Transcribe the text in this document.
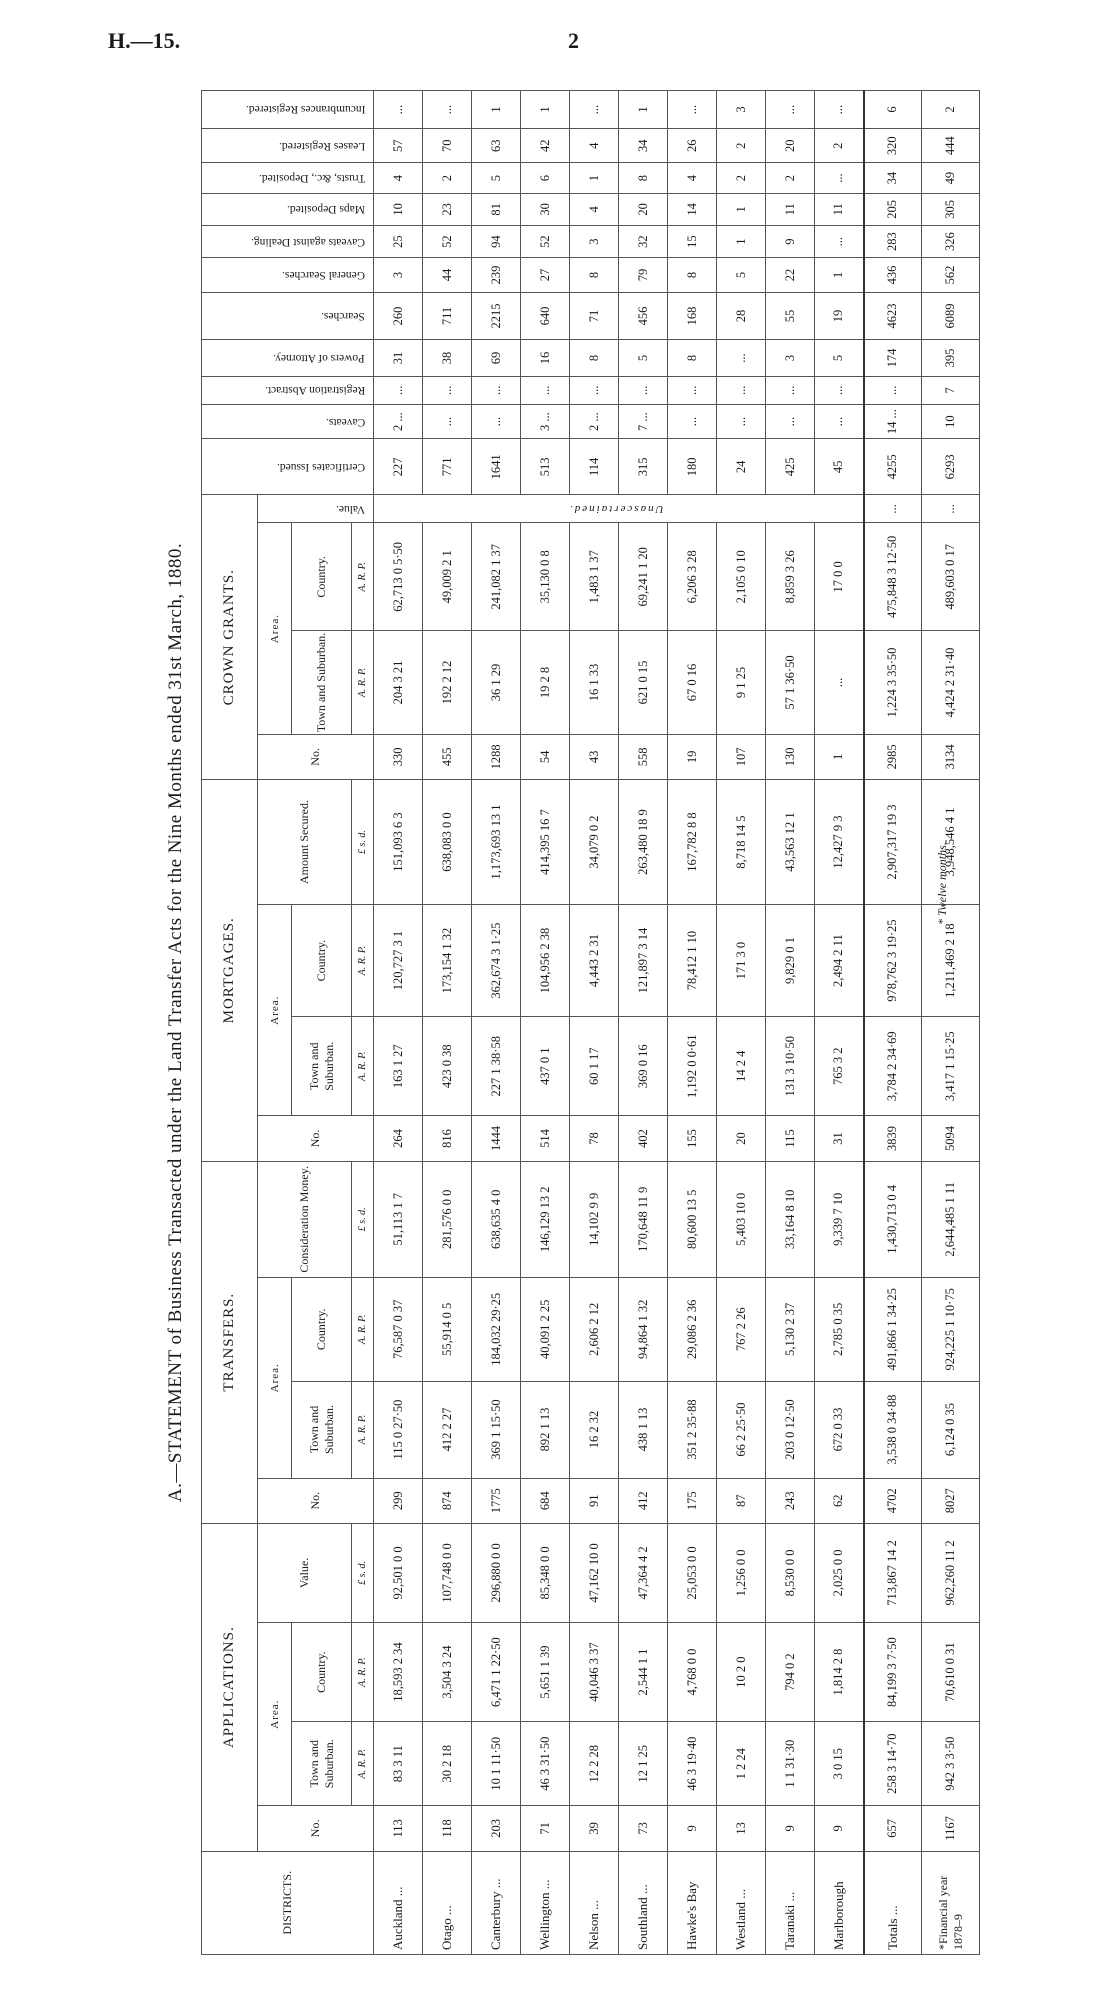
H.—15.	2
A.—STATEMENT of Business Transacted under the Land Transfer Acts for the Nine Months ended 31st March, 1880.
DISTRICTS.	APPLICATIONS.				TRANSFERS.				MORTGAGES.				CROWN GRANTS.				Certificates Issued.	Caveats.	Registration Abstract.	Powers of Attorney.	Searches.	General Searches.	Caveats against Dealing.	Maps Deposited.	Trusts, &c., Deposited.	Leases Registered.	Incumbrances Registered.
	No.	Area.		Value.	No.	Area.		Consideration Money.	No.	Area.		Amount Secured.	No.	Area.		Value.											
		Town and Suburban.	Country.			Town and Suburban.	Country.			Town and Suburban.	Country.			Town and Suburban.	Country.												
		A. R. P.	A. R. P.	£ s. d.		A. R. P.	A. R. P.	£ s. d.		A. R. P.	A. R. P.	£ s. d.		A. R. P.	A. R. P.												
Auckland ...	113	83 3 11	18,593 2 34	92,501 0 0	299	115 0 27·50	76,587 0 37	51,113 1 7	264	163 1 27	120,727 3 1	151,093 6 3	330	204 3 21	62,713 0 5·50	Unascertained.	227	2 ...	...	31	260	3	25	10	4	57	...
Otago ...	118	30 2 18	3,504 3 24	107,748 0 0	874	412 2 27	55,914 0 5	281,576 0 0	816	423 0 38	173,154 1 32	638,083 0 0	455	192 2 12	49,009 2 1		771	...	...	38	711	44	52	23	2	70	...
Canterbury ...	203	10 1 11·50	6,471 1 22·50	296,880 0 0	1775	369 1 15·50	184,032 29·25	638,635 4 0	1444	227 1 38·58	362,674 3 1·25	1,173,693 13 1	1288	36 1 29	241,082 1 37		1641	...	...	69	2215	239	94	81	5	63	1
Wellington ...	71	46 3 31·50	5,651 1 39	85,348 0 0	684	892 1 13	40,091 2 25	146,129 13 2	514	437 0 1	104,956 2 38	414,395 16 7	54	19 2 8	35,130 0 8		513	3 ...	...	16	640	27	52	30	6	42	1
Nelson ...	39	12 2 28	40,046 3 37	47,162 10 0	91	16 2 32	2,606 2 12	14,102 9 9	78	60 1 17	4,443 2 31	34,079 0 2	43	16 1 33	1,483 1 37		114	2 ...	...	8	71	8	3	4	1	4	...
Southland ...	73	12 1 25	2,544 1 1	47,364 4 2	412	438 1 13	94,864 1 32	170,648 11 9	402	369 0 16	121,897 3 14	263,480 18 9	558	621 0 15	69,241 1 20		315	7 ...	...	5	456	79	32	20	8	34	1
Hawke's Bay	9	46 3 19·40	4,768 0 0	25,053 0 0	175	351 2 35·88	29,086 2 36	80,600 13 5	155	1,192 0 0·61	78,412 1 10	167,782 8 8	19	67 0 16	6,206 3 28		180	...	...	8	168	8	15	14	4	26	...
Westland ...	13	1 2 24	10 2 0	1,256 0 0	87	66 2 25·50	767 2 26	5,403 10 0	20	14 2 4	171 3 0	8,718 14 5	107	9 1 25	2,105 0 10		24	...	...	...	28	5	1	1	2	2	3
Taranaki ...	9	1 1 31·30	794 0 2	8,530 0 0	243	203 0 12·50	5,130 2 37	33,164 8 10	115	131 3 10·50	9,829 0 1	43,563 12 1	130	57 1 36·50	8,859 3 26		425	...	...	3	55	22	9	11	2	20	...
Marlborough	9	3 0 15	1,814 2 8	2,025 0 0	62	672 0 33	2,785 0 35	9,339 7 10	31	765 3 2	2,494 2 11	12,427 9 3	1	...	17 0 0		45	...	...	5	19	1	...	11	...	2	...
Totals ...	657	258 3 14·70	84,199 3 7·50	713,867 14 2	4702	3,538 0 34·88	491,866 1 34·25	1,430,713 0 4	3839	3,784 2 34·69	978,762 3 19·25	2,907,317 19 3	2985	1,224 3 35·50	475,848 3 12·50	...	4255	14 ...	...	174	4623	436	283	205	34	320	6
*Financial year 1878–9	1167	942 3 3·50	70,610 0 31	962,260 11 2	8027	6,124 0 35	924,225 1 10·75	2,644,485 1 11	5094	3,417 1 15·25	1,211,469 2 18	3,948,546 4 1	3134	4,424 2 31·40	489,603 0 17	...	6293	10	7	395	6089	562	326	305	49	444	2
* Twelve months.
